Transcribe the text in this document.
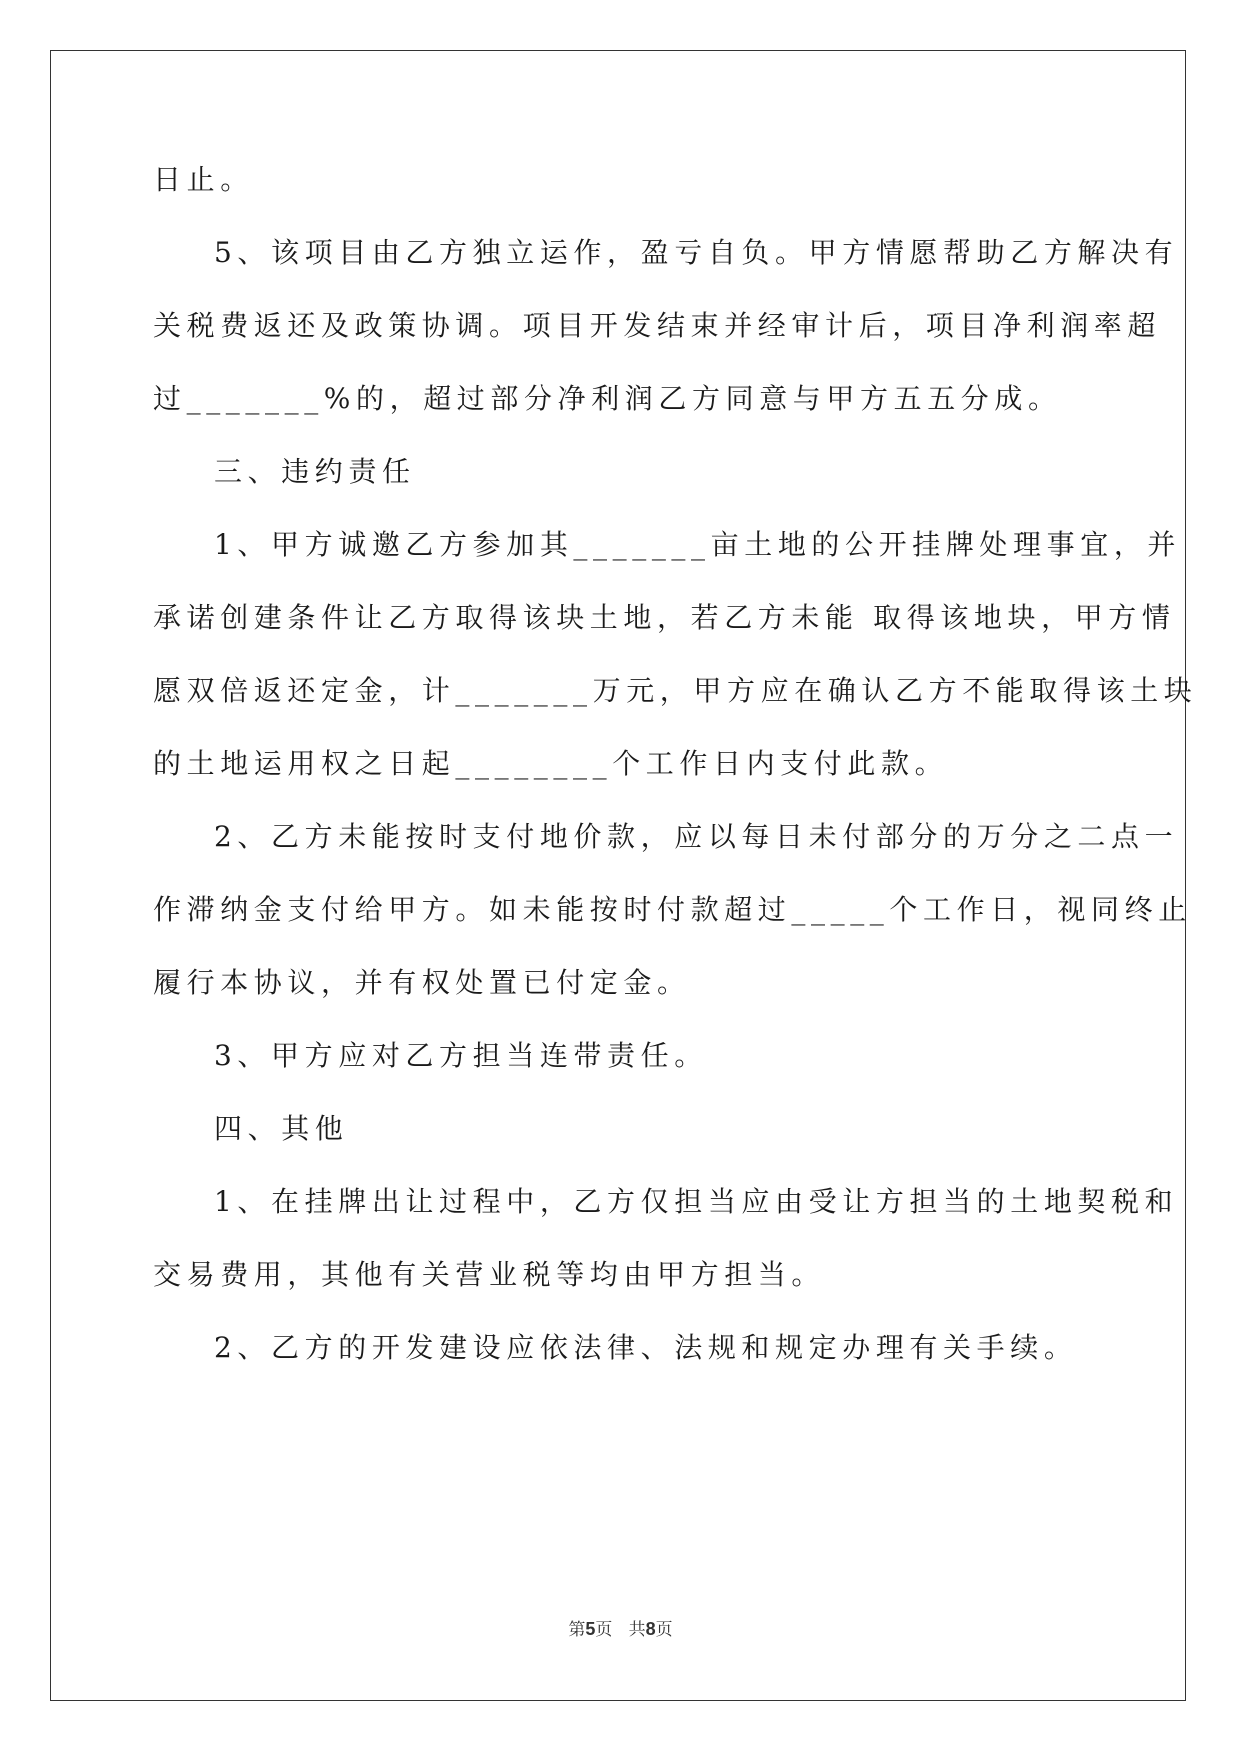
日止。
5、该项目由乙方独立运作，盈亏自负。甲方情愿帮助乙方解决有
关税费返还及政策协调。项目开发结束并经审计后，项目净利润率超
过_______%的，超过部分净利润乙方同意与甲方五五分成。
三、违约责任
1、甲方诚邀乙方参加其_______亩土地的公开挂牌处理事宜，并
承诺创建条件让乙方取得该块土地，若乙方未能 取得该地块，甲方情
愿双倍返还定金，计_______万元，甲方应在确认乙方不能取得该土块
的土地运用权之日起________个工作日内支付此款。
2、乙方未能按时支付地价款，应以每日未付部分的万分之二点一
作滞纳金支付给甲方。如未能按时付款超过_____个工作日，视同终止
履行本协议，并有权处置已付定金。
3、甲方应对乙方担当连带责任。
四、其他
1、在挂牌出让过程中，乙方仅担当应由受让方担当的土地契税和
交易费用，其他有关营业税等均由甲方担当。
2、乙方的开发建设应依法律、法规和规定办理有关手续。
第5页 共8页
